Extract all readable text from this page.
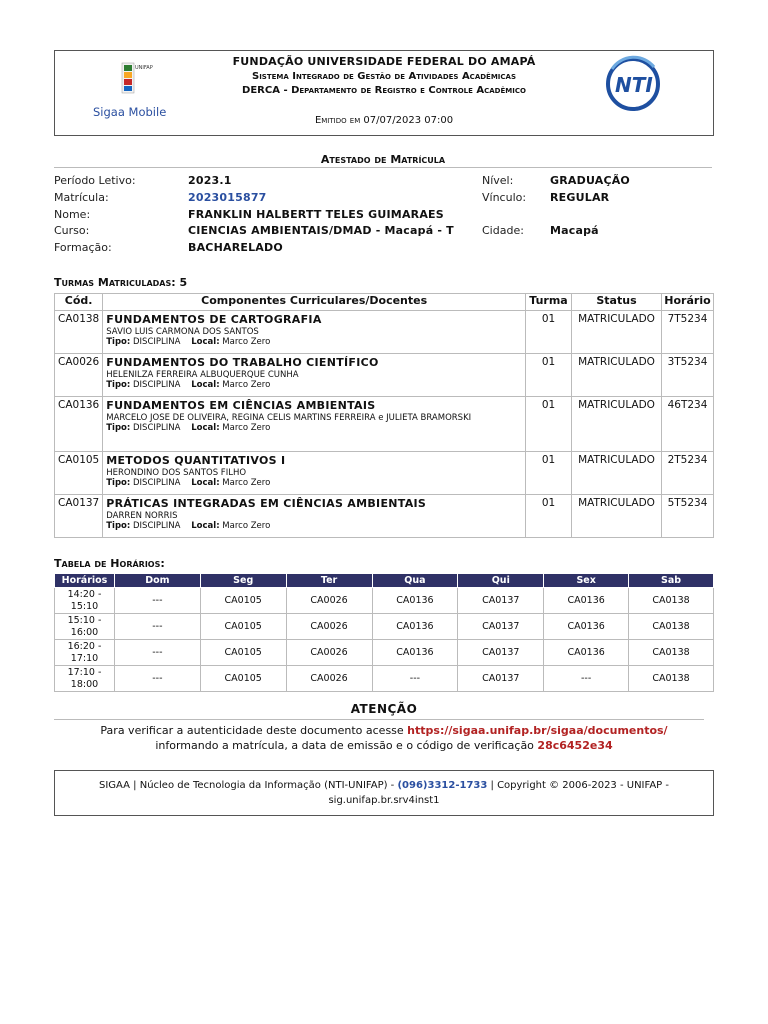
UNIFAP
Sigaa Mobile
FUNDAÇÃO UNIVERSIDADE FEDERAL DO AMAPÁ
Sistema Integrado de Gestão de Atividades Acadêmicas
DERCA - Departamento de Registro e Controle Acadêmico
Emitido em 07/07/2023 07:00
NTI
Atestado de Matrícula
Período Letivo:	2023.1	Nível:	GRADUAÇÃO
Matrícula:	2023015877	Vínculo: REGULAR
Nome:	FRANKLIN HALBERTT TELES GUIMARAES
Curso:	CIENCIAS AMBIENTAIS/DMAD - Macapá - T	Cidade: Macapá
Formação:	BACHARELADO
Turmas Matriculadas: 5
Cód.	Componentes Curriculares/Docentes	Turma	Status	Horário
CA0138	FUNDAMENTOS DE CARTOGRAFIA
SAVIO LUIS CARMONA DOS SANTOS
Tipo: DISCIPLINA Local: Marco Zero	01	MATRICULADO	7T5234
CA0026	FUNDAMENTOS DO TRABALHO CIENTÍFICO
HELENILZA FERREIRA ALBUQUERQUE CUNHA
Tipo: DISCIPLINA Local: Marco Zero	01	MATRICULADO	3T5234
CA0136	FUNDAMENTOS EM CIÊNCIAS AMBIENTAIS
MARCELO JOSE DE OLIVEIRA, REGINA CELIS MARTINS FERREIRA e JULIETA BRAMORSKI
Tipo: DISCIPLINA Local: Marco Zero	01	MATRICULADO	46T234
CA0105	METODOS QUANTITATIVOS I
HERONDINO DOS SANTOS FILHO
Tipo: DISCIPLINA Local: Marco Zero	01	MATRICULADO	2T5234
CA0137	PRÁTICAS INTEGRADAS EM CIÊNCIAS AMBIENTAIS
DARREN NORRIS
Tipo: DISCIPLINA Local: Marco Zero	01	MATRICULADO	5T5234
Tabela de Horários:
Horários	Dom	Seg	Ter	Qua	Qui	Sex	Sab
14:20 -
15:10	---	CA0105	CA0026	CA0136	CA0137	CA0136	CA0138
15:10 -
16:00	---	CA0105	CA0026	CA0136	CA0137	CA0136	CA0138
16:20 -
17:10	---	CA0105	CA0026	CA0136	CA0137	CA0136	CA0138
17:10 -
18:00	---	CA0105	CA0026	---	CA0137	---	CA0138
ATENÇÃO
Para verificar a autenticidade deste documento acesse https://sigaa.unifap.br/sigaa/documentos/
informando a matrícula, a data de emissão e o código de verificação 28c6452e34
SIGAA | Núcleo de Tecnologia da Informação (NTI-UNIFAP) - (096)3312-1733 | Copyright © 2006-2023 - UNIFAP -
sig.unifap.br.srv4inst1
